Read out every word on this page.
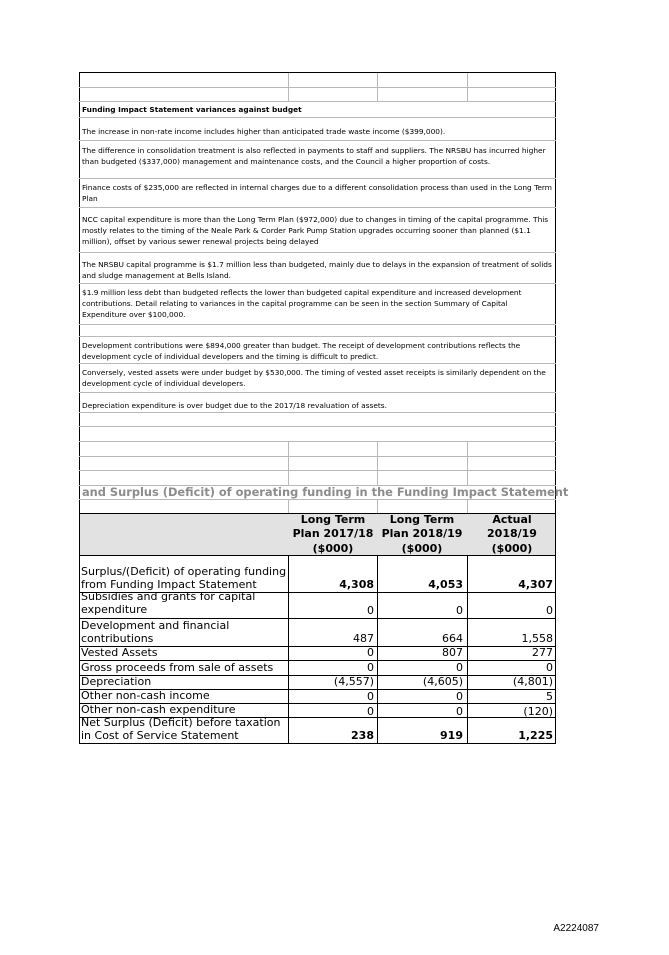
Funding Impact Statement variances against budget
The increase in non-rate income includes higher than anticipated trade waste income ($399,000).
The difference in consolidation treatment is also reflected in payments to staff and suppliers. The NRSBU has incurred higher than budgeted ($337,000) management and maintenance costs, and the Council a higher proportion of costs.
Finance costs of $235,000 are reflected in internal charges due to a different consolidation process than used in the Long Term Plan
NCC capital expenditure is more than the Long Term Plan ($972,000) due to changes in timing of the capital programme. This mostly relates to the timing of the Neale Park & Corder Park Pump Station upgrades occurring sooner than planned ($1.1 million), offset by various sewer renewal projects being delayed
The NRSBU capital programme is $1.7 million less than budgeted, mainly due to delays in the expansion of treatment of solids and sludge management at Bells Island.
$1.9 million less debt than budgeted reflects the lower than budgeted capital expenditure and increased development contributions. Detail relating to variances in the capital programme can be seen in the section Summary of Capital Expenditure over $100,000.
Development contributions were $894,000 greater than budget. The receipt of development contributions reflects the development cycle of individual developers and the timing is difficult to predict.
Conversely, vested assets were under budget by $530,000. The timing of vested asset receipts is similarly dependent on the development cycle of individual developers.
Depreciation expenditure is over budget due to the 2017/18 revaluation of assets.
and Surplus (Deficit) of operating funding in the Funding Impact Statement
Long Term
Plan 2017/18
($000)
Long Term
Plan 2018/19
($000)
Actual
2018/19
($000)
Surplus/(Deficit) of operating funding from Funding Impact Statement	4,308	4,053	4,307
Subsidies and grants for capital expenditure	0	0	0
Development and financial contributions	487	664	1,558
Vested Assets	0	807	277
Gross proceeds from sale of assets	0	0	0
Depreciation	(4,557)	(4,605)	(4,801)
Other non-cash income	0	0	5
Other non-cash expenditure	0	0	(120)
Net Surplus (Deficit) before taxation in Cost of Service Statement	238	919	1,225
A2224087
